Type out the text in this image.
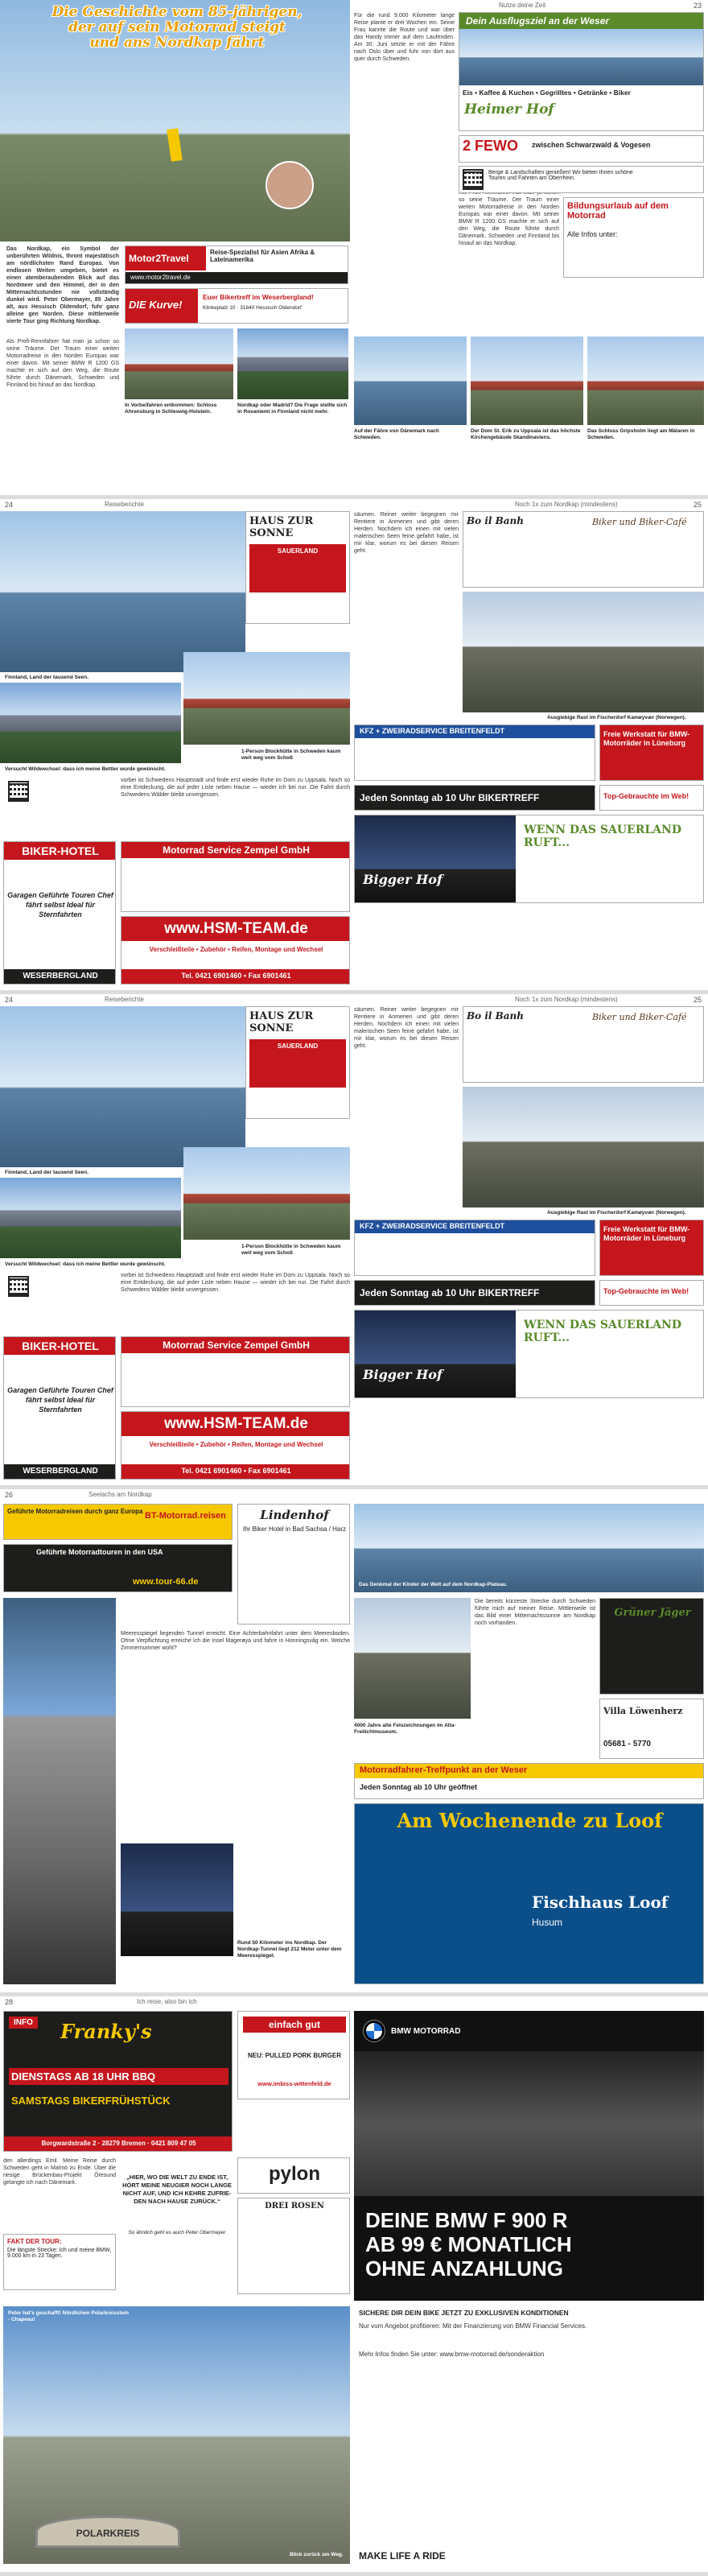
Die Geschichte vom 85-jährigen,
der auf sein Motorrad steigt
und ans Nordkap fährt
Das Nordkap, ein Symbol der unberührten Wildnis, thront majestätisch am nördlichsten Rand Europas. Von endlosen Weiten umgeben, bietet es einen atemberaubenden Blick auf das Nordmeer und den Himmel, der in den Mitternachtsstunden nie vollständig dunkel wird. Peter Obermayer, 85 Jahre alt, aus Hessisch Oldendorf, fuhr ganz alleine gen Norden. Diese mittlerweile vierte Tour ging Richtung Nordkap.
Als Profi-Rennfahrer hat man ja schon so seine Träume. Der Traum einer weiten Motorradreise in den Norden Europas war einer davon. Mit seiner BMW R 1200 GS machte er sich auf den Weg, die Route führte durch Dänemark, Schweden und Finnland bis hinauf an das Nordkap.
Motor2Travel
Reise-Spezialist für Asien Afrika & Lateinamerika
www.motor2travel.de
DIE Kurve!
Euer Bikertreff im Weserbergland!
Klinkeplatz 10 · 31840 Hessisch Oldendorf
In Vorbeifahren entkommen: Schloss Ahrensburg in Schleswig-Holstein.
Nordkap oder Madrid? Die Frage stellte sich in Rovaniemi in Finnland nicht mehr.
Nutze deine Zeit	23
Für die rund 9.000 Kilometer lange Reise plante er drei Wochen ein. Seine Frau kannte die Route und war über das Handy immer auf dem Laufenden. Am 30. Juni setzte er mit der Fähre nach Oslo über und fuhr von dort aus quer durch Schweden.
so seine Träume. Der Traum einer weiten Motorradreise in den Norden Europas war einer davon. Mit seiner BMW R 1200 GS machte er sich auf den Weg, die Route führte durch Dänemark, Schweden und Finnland bis hinauf an das Nordkap.
Dein Ausflugsziel an der Weser
Eis • Kaffee & Kuchen • Gegrilltes • Getränke • Biker
Heimer Hof
2 FEWO zwischen Schwarzwald & Vogesen
Berge & Landschaften genießen! Wir bieten Ihnen schöne Touren und Fahrten am Oberrhein.
Bildungsurlaub auf dem Motorrad
Alle Infos unter:
Auf der Fähre von Dänemark nach Schweden.
Der Dom St. Erik zu Uppsala ist das höchste Kirchengebäude Skandinaviens.
Das Schloss Gripsholm liegt am Mälaren in Schweden.
24	Reiseberichte	Noch 1x zum Nordkap (mindestens)	25
HAUS ZUR SONNE
SAUERLAND
Finnland, Land der tausend Seen.
1-Person Blockhütte in Schweden kaum weit weg vom Schoß
Versucht Wildwechsel: dass ich meine Bettler wurde gewünscht.
vorbei ist Schwedens Hauptstadt und finde erst wieder Ruhe im Dom zu Uppsala. Noch so eine Entdeckung, die auf jeder Liste neben Hause — wieder ich bei nur. Die Fahrt durch Schwedens Wälder bleibt unvergessen.
BIKER-HOTEL
Garagen Geführte Touren Chef fährt selbst Ideal für Sternfahrten
WESERBERGLAND
Motorrad Service Zempel GmbH
www.HSM-TEAM.de
Verschleißteile • Zubehör • Reifen, Montage und Wechsel
Tel. 0421 6901460 • Fax 6901461
säumen. Reiner weiter begegnen mir Rentiere in Anmenen und gibt deren Herden. Nochdem ich einen mit vielen malerischen Seen feine gefahrt habe, ist mir klar, worum es bei diesen Reisen geht.
Bo il Banh	Biker und Biker-Café
Ausgiebige Rast im Fischerdorf Kamøyvær (Norwegen).
KFZ + ZWEIRADSERVICE BREITENFELDT	Freie Werkstatt für BMW-Motorräder in Lüneburg
Jeden Sonntag ab 10 Uhr BIKERTREFF	Top-Gebrauchte im Web!
WENN DAS SAUERLAND RUFT...
Bigger Hof
24	Reiseberichte	Noch 1x zum Nordkap (mindestens)	25
HAUS ZUR SONNE
SAUERLAND
Finnland, Land der tausend Seen.
1-Person Blockhütte in Schweden kaum weit weg vom Schoß
Versucht Wildwechsel: dass ich meine Bettler wurde gewünscht.
vorbei ist Schwedens Hauptstadt und finde erst wieder Ruhe im Dom zu Uppsala. Noch so eine Entdeckung, die auf jeder Liste neben Hause — wieder ich bei nur. Die Fahrt durch Schwedens Wälder bleibt unvergessen.
BIKER-HOTEL
Garagen Geführte Touren Chef fährt selbst Ideal für Sternfahrten
WESERBERGLAND
Motorrad Service Zempel GmbH
www.HSM-TEAM.de
Verschleißteile • Zubehör • Reifen, Montage und Wechsel
Tel. 0421 6901460 • Fax 6901461
säumen. Reiner weiter begegnen mir Rentiere in Anmenen und gibt deren Herden. Nochdem ich einen mit vielen malerischen Seen feine gefahrt habe, ist mir klar, worum es bei diesen Reisen geht.
Bo il Banh	Biker und Biker-Café
Ausgiebige Rast im Fischerdorf Kamøyvær (Norwegen).
KFZ + ZWEIRADSERVICE BREITENFELDT	Freie Werkstatt für BMW-Motorräder in Lüneburg
Jeden Sonntag ab 10 Uhr BIKERTREFF	Top-Gebrauchte im Web!
WENN DAS SAUERLAND RUFT...
Bigger Hof
26	Seelachs am Nordkap
Geführte Motorradreisen durch ganz Europa BT-Motorrad.reisen
Geführte Motorradtouren in den USA
www.tour-66.de
Lindenhof
Ihr Biker Hotel in Bad Sachsa / Harz
Meeresspiegel liegenden Tunnel erreicht. Eine Achterbahnfahrt unter dem Meeresboden. Ohne Verpflichtung erreiche ich die Insel Magerøya und fahre in Honningsvåg ein. Welche Zimmernummer wohl?
Rund 50 Kilometer ins Nordkap. Der Nordkap-Tunnel liegt 212 Meter unter dem Meeresspiegel.
Das Denkmal der Kinder der Welt auf dem Nordkap-Plateau.
4000 Jahre alte Felszeichnungen im Alta-Freilichtmuseum.
Die bereits kürzeste Strecke durch Schweden führte mich auf meiner Reise. Mittlerweile ist das Bild einer Mitternachtssonne am Nordkap noch vorhanden.
Grüner Jäger
Villa Löwenherz
05681 - 5770
Motorradfahrer-Treffpunkt an der Weser
Jeden Sonntag ab 10 Uhr geöffnet
Am Wochenende zu Loof
Fischhaus Loof
Husum
28	Ich reise, also bin ich
INFO Franky's
DIENSTAGS AB 18 UHR BBQ
SAMSTAGS BIKERFRÜHSTÜCK
Borgwardstraße 2 · 28279 Bremen · 0421 809 47 05
einfach gut
NEU: PULLED PORK BURGER
www.imbiss-wittenfeld.de
den allerdings Emil. Meine Reise durch Schweden geht in Malmö zu Ende. Über die riesige Brückenbau-Projekt Öresund gelangte ich nach Dänemark.
FAKT DER TOUR:
Die längste Strecke: Ich und meine BMW, 9.000 km in 23 Tagen.
pylon
DREI ROSEN
„HIER, WO DIE WELT ZU ENDE IST, HÖRT MEINE NEUGIER NOCH LANGE NICHT AUF, UND ICH KEHRE ZUFRIE-DEN NACH HAUSE ZURÜCK.“
So ähnlich geht es auch Peter Obermayer
POLARKREIS
Peter hat's geschafft! Nördlichen Polarkreisstein - Chapeau!
Blick zurück am Weg.
BMW MOTORRAD
DEINE BMW F 900 R
AB 99 € MONATLICH
OHNE ANZAHLUNG
SICHERE DIR DEIN BIKE JETZT ZU EXKLUSIVEN KONDITIONEN
Nur vom Angebot profitieren: Mit der Finanzierung von BMW Financial Services.
Mehr Infos finden Sie unter: www.bmw-motorrad.de/sonderaktion
MAKE LIFE A RIDE
